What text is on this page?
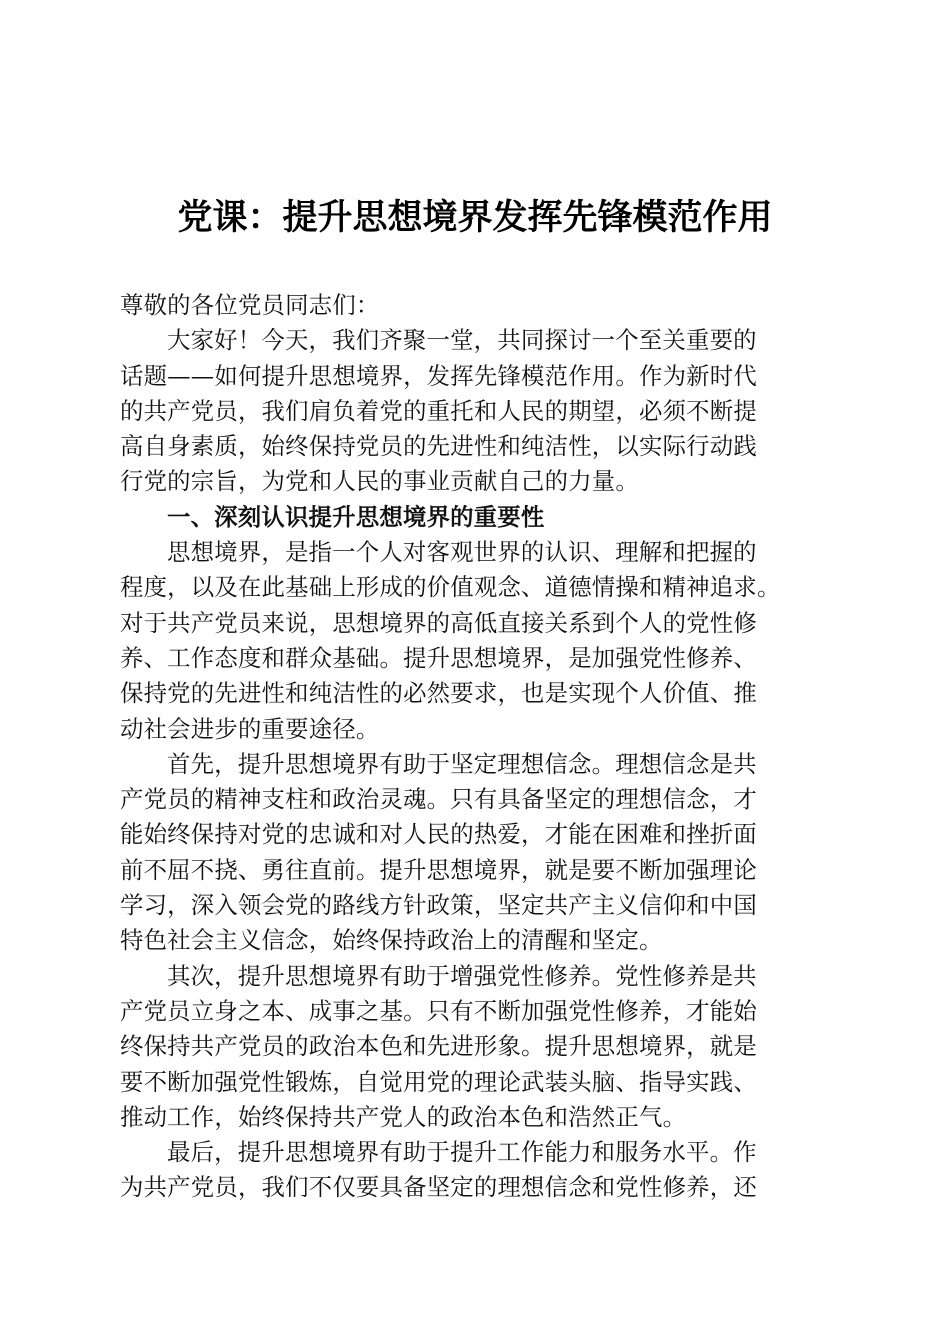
党课：提升思想境界发挥先锋模范作用
尊敬的各位党员同志们：
大家好！今天，我们齐聚一堂，共同探讨一个至关重要的
话题——如何提升思想境界，发挥先锋模范作用。作为新时代
的共产党员，我们肩负着党的重托和人民的期望，必须不断提
高自身素质，始终保持党员的先进性和纯洁性，以实际行动践
行党的宗旨，为党和人民的事业贡献自己的力量。
一、深刻认识提升思想境界的重要性
思想境界，是指一个人对客观世界的认识、理解和把握的
程度，以及在此基础上形成的价值观念、道德情操和精神追求。
对于共产党员来说，思想境界的高低直接关系到个人的党性修
养、工作态度和群众基础。提升思想境界，是加强党性修养、
保持党的先进性和纯洁性的必然要求，也是实现个人价值、推
动社会进步的重要途径。
首先，提升思想境界有助于坚定理想信念。理想信念是共
产党员的精神支柱和政治灵魂。只有具备坚定的理想信念，才
能始终保持对党的忠诚和对人民的热爱，才能在困难和挫折面
前不屈不挠、勇往直前。提升思想境界，就是要不断加强理论
学习，深入领会党的路线方针政策，坚定共产主义信仰和中国
特色社会主义信念，始终保持政治上的清醒和坚定。
其次，提升思想境界有助于增强党性修养。党性修养是共
产党员立身之本、成事之基。只有不断加强党性修养，才能始
终保持共产党员的政治本色和先进形象。提升思想境界，就是
要不断加强党性锻炼，自觉用党的理论武装头脑、指导实践、
推动工作，始终保持共产党人的政治本色和浩然正气。
最后，提升思想境界有助于提升工作能力和服务水平。作
为共产党员，我们不仅要具备坚定的理想信念和党性修养，还
